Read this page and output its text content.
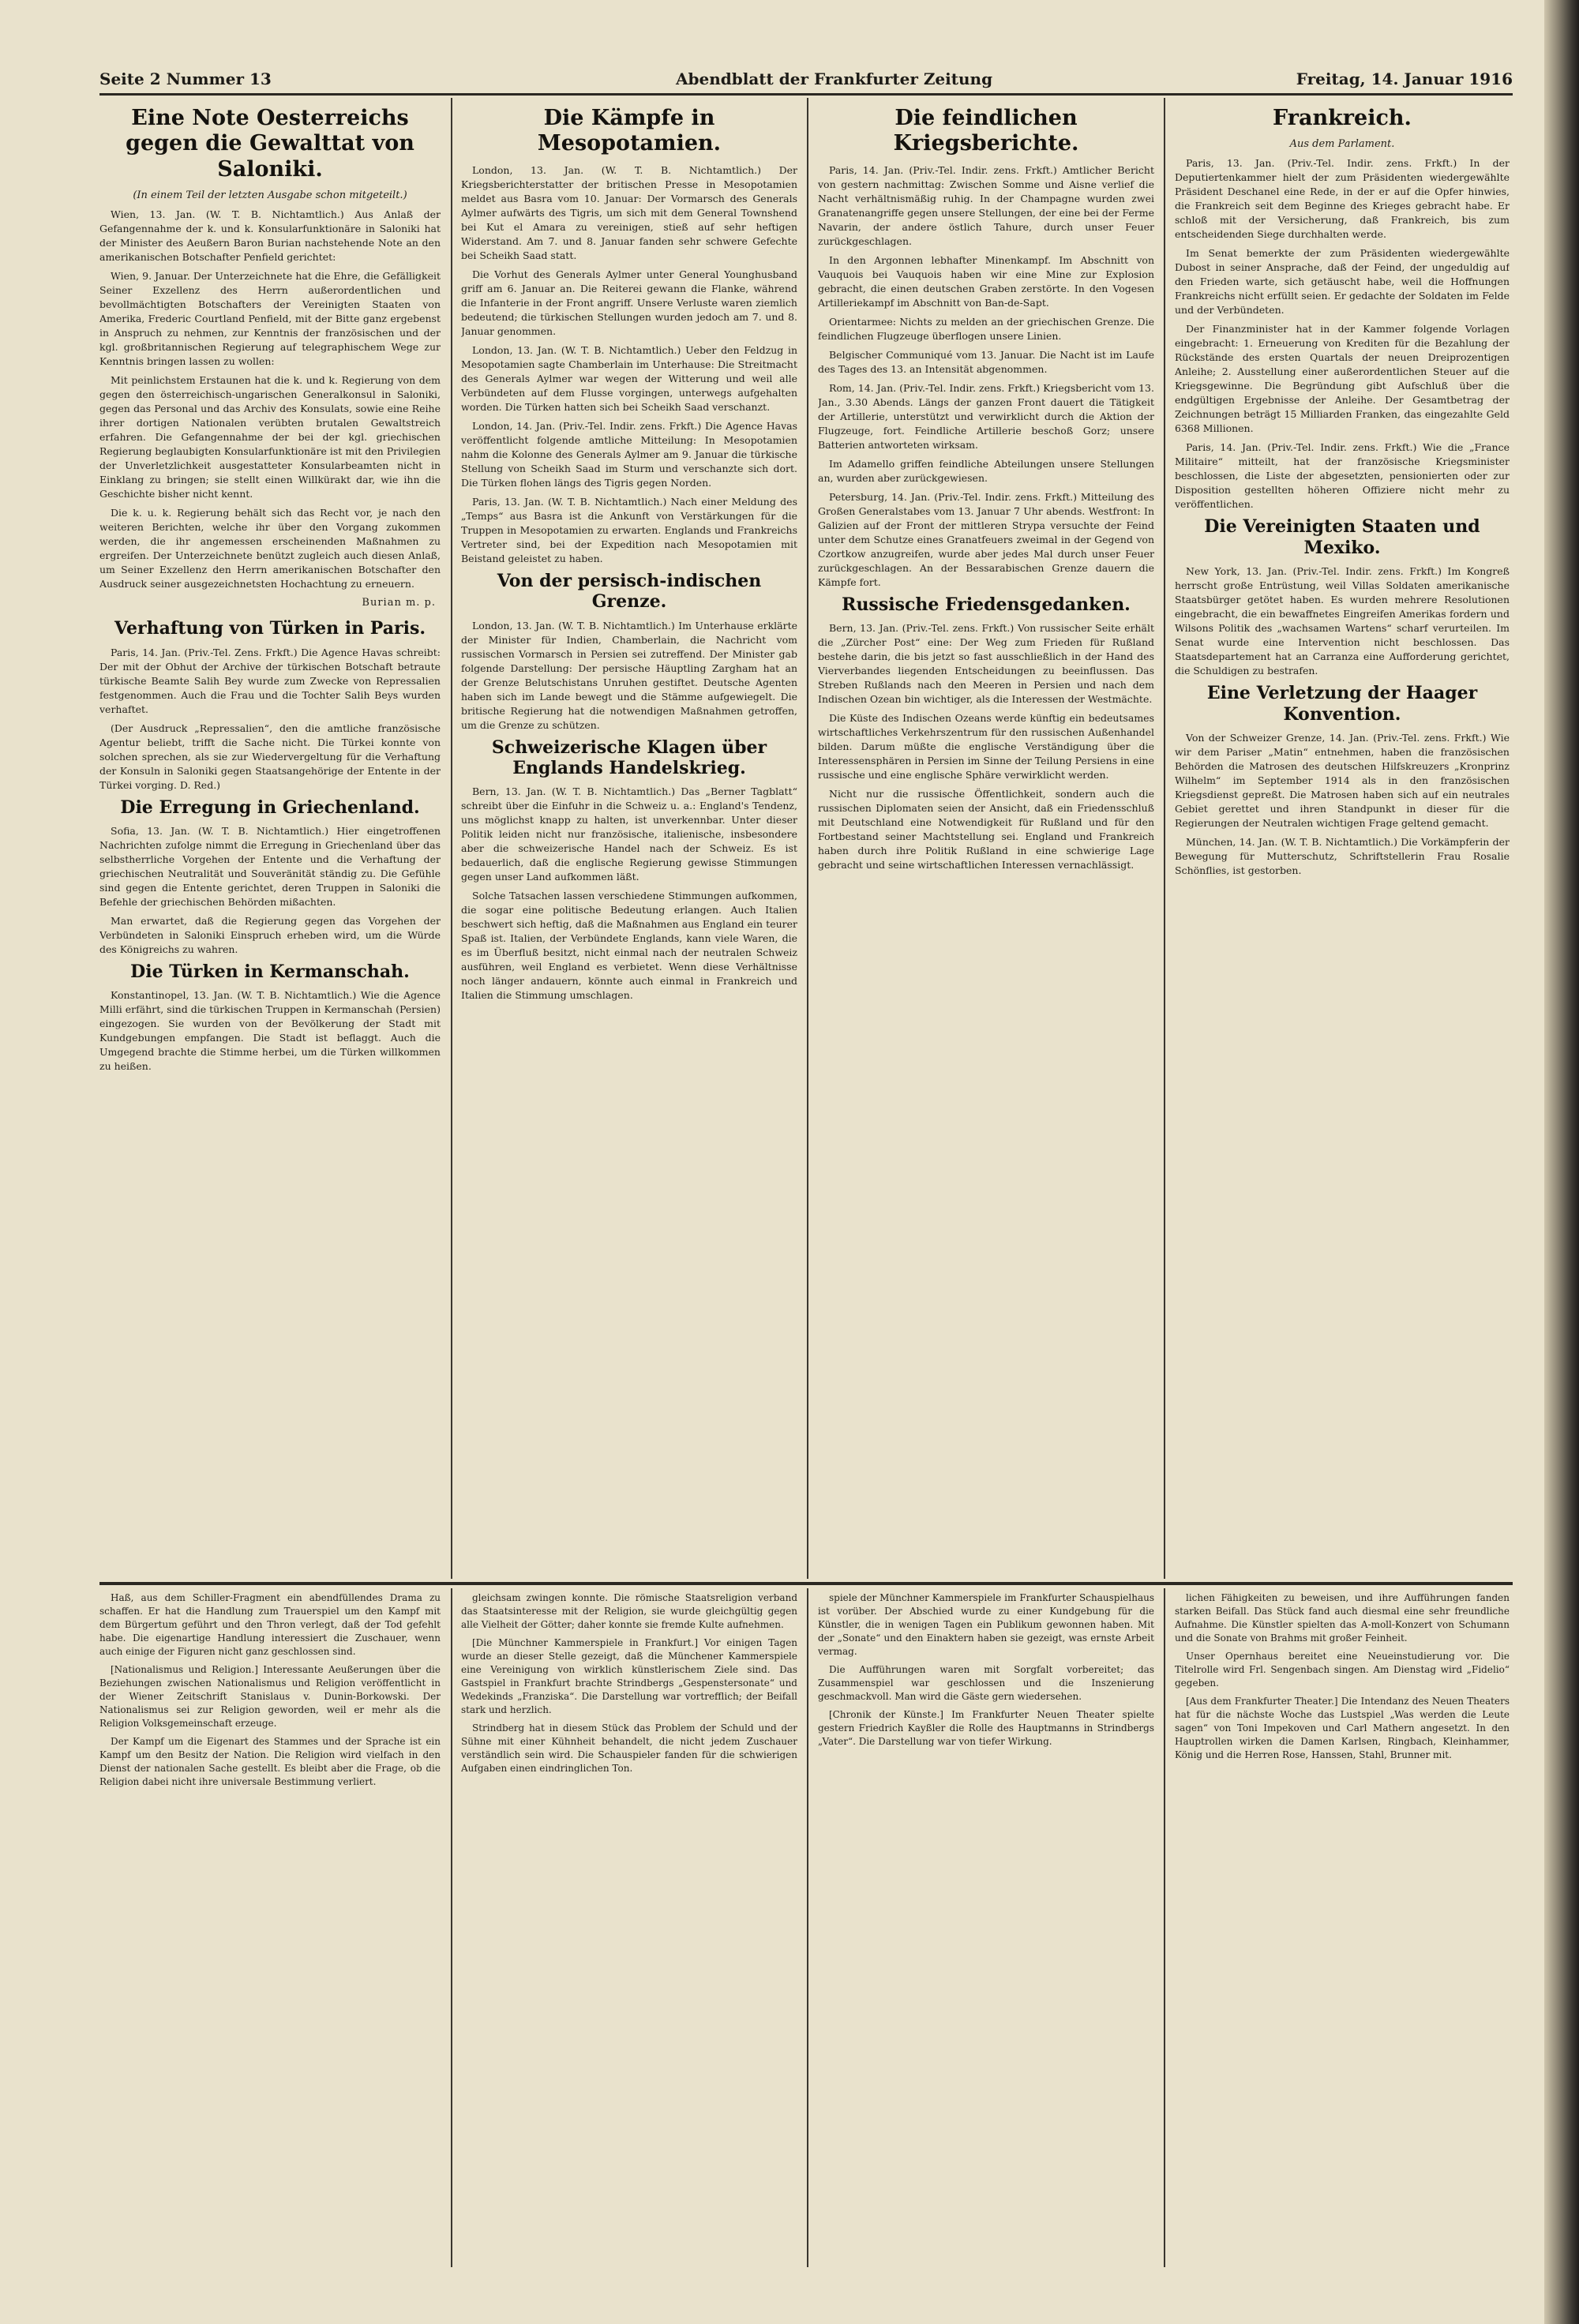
Seite 2 Nummer 13	Abendblatt der Frankfurter Zeitung	Freitag, 14. Januar 1916
Eine Note Oesterreichs gegen die Gewalttat von Saloniki.
(In einem Teil der letzten Ausgabe schon mitgeteilt.)

Wien, 13. Jan. (W. T. B. Nichtamtlich.) Aus Anlaß der Gefangennahme der k. und k. Konsularfunktionäre in Saloniki hat der Minister des Aeußern Baron Burian nachstehende Note an den amerikanischen Botschafter Penfield gerichtet:

Wien, 9. Januar. Der Unterzeichnete hat die Ehre, die Gefälligkeit Seiner Exzellenz des Herrn außerordentlichen und bevollmächtigten Botschafters der Vereinigten Staaten von Amerika, Frederic Courtland Penfield, mit der Bitte ganz ergebenst in Anspruch zu nehmen, zur Kenntnis der französischen und der kgl. großbritannischen Regierung auf telegraphischem Wege zur Kenntnis bringen lassen zu wollen:

Mit peinlichstem Erstaunen hat die k. und k. Regierung von dem gegen den österreichisch-ungarischen Generalkonsul in Saloniki, gegen das Personal und das Archiv des Konsulats, sowie eine Reihe ihrer dortigen Nationalen verübten brutalen Gewaltstreich erfahren. Die Gefangennahme der bei der kgl. griechischen Regierung beglaubigten Konsularfunktionäre ist mit den Privilegien der Unverletzlichkeit ausgestatteter Konsularbeamten nicht in Einklang zu bringen; sie stellt einen Willkürakt dar, wie ihn die Geschichte bisher nicht kennt.

Die k. u. k. Regierung behält sich das Recht vor, je nach den weiteren Berichten, welche ihr über den Vorgang zukommen werden, die ihr angemessen erscheinenden Maßnahmen zu ergreifen. Der Unterzeichnete benützt zugleich auch diesen Anlaß, um Seiner Exzellenz den Herrn amerikanischen Botschafter den Ausdruck seiner ausgezeichnetsten Hochachtung zu erneuern.

Burian m. p.
Verhaftung von Türken in Paris.

Paris, 14. Jan. (Priv.-Tel. Zens. Frkft.) Die Agence Havas schreibt: Der mit der Obhut der Archive der türkischen Botschaft betraute türkische Beamte Salih Bey wurde zum Zwecke von Repressalien festgenommen. Auch die Frau und die Tochter Salih Beys wurden verhaftet.

(Der Ausdruck „Repressalien“, den die amtliche französische Agentur beliebt, trifft die Sache nicht. Die Türkei konnte von solchen sprechen, als sie zur Wiedervergeltung für die Verhaftung der Konsuln in Saloniki gegen Staatsangehörige der Entente in der Türkei vorging. D. Red.)

Die Erregung in Griechenland.

Sofia, 13. Jan. (W. T. B. Nichtamtlich.) Hier eingetroffenen Nachrichten zufolge nimmt die Erregung in Griechenland über das selbstherrliche Vorgehen der Entente und die Verhaftung der griechischen Neutralität und Souveränität ständig zu. Die Gefühle sind gegen die Entente gerichtet, deren Truppen in Saloniki die Befehle der griechischen Behörden mißachten.

Man erwartet, daß die Regierung gegen das Vorgehen der Verbündeten in Saloniki Einspruch erheben wird, um die Würde des Königreichs zu wahren.

Die Türken in Kermanschah.

Konstantinopel, 13. Jan. (W. T. B. Nichtamtlich.) Wie die Agence Milli erfährt, sind die türkischen Truppen in Kermanschah (Persien) eingezogen. Sie wurden von der Bevölkerung der Stadt mit Kundgebungen empfangen. Die Stadt ist beflaggt. Auch die Umgegend brachte die Stimme herbei, um die Türken willkommen zu heißen.

Die Kämpfe in Mesopotamien.

London, 13. Jan. (W. T. B. Nichtamtlich.) Der Kriegsberichterstatter der britischen Presse in Mesopotamien meldet aus Basra vom 10. Januar: Der Vormarsch des Generals Aylmer aufwärts des Tigris, um sich mit dem General Townshend bei Kut el Amara zu vereinigen, stieß auf sehr heftigen Widerstand. Am 7. und 8. Januar fanden sehr schwere Gefechte bei Scheikh Saad statt.

Die Vorhut des Generals Aylmer unter General Younghusband griff am 6. Januar an. Die Reiterei gewann die Flanke, während die Infanterie in der Front angriff. Unsere Verluste waren ziemlich bedeutend; die türkischen Stellungen wurden jedoch am 7. und 8. Januar genommen.

London, 13. Jan. (W. T. B. Nichtamtlich.) Ueber den Feldzug in Mesopotamien sagte Chamberlain im Unterhause: Die Streitmacht des Generals Aylmer war wegen der Witterung und weil alle Verbündeten auf dem Flusse vorgingen, unterwegs aufgehalten worden. Die Türken hatten sich bei Scheikh Saad verschanzt.

London, 14. Jan. (Priv.-Tel. Indir. zens. Frkft.) Die Agence Havas veröffentlicht folgende amtliche Mitteilung: In Mesopotamien nahm die Kolonne des Generals Aylmer am 9. Januar die türkische Stellung von Scheikh Saad im Sturm und verschanzte sich dort. Die Türken flohen längs des Tigris gegen Norden.

Paris, 13. Jan. (W. T. B. Nichtamtlich.) Nach einer Meldung des „Temps“ aus Basra ist die Ankunft von Verstärkungen für die Truppen in Mesopotamien zu erwarten. Englands und Frankreichs Vertreter sind, bei der Expedition nach Mesopotamien mit Beistand geleistet zu haben.

Von der persisch-indischen Grenze.

London, 13. Jan. (W. T. B. Nichtamtlich.) Im Unterhause erklärte der Minister für Indien, Chamberlain, die Nachricht vom russischen Vormarsch in Persien sei zutreffend. Der Minister gab folgende Darstellung: Der persische Häuptling Zargham hat an der Grenze Belutschistans Unruhen gestiftet. Deutsche Agenten haben sich im Lande bewegt und die Stämme aufgewiegelt. Die britische Regierung hat die notwendigen Maßnahmen getroffen, um die Grenze zu schützen.

Schweizerische Klagen über Englands Handelskrieg.

Bern, 13. Jan. (W. T. B. Nichtamtlich.) Das „Berner Tagblatt“ schreibt über die Einfuhr in die Schweiz u. a.: England's Tendenz, uns möglichst knapp zu halten, ist unverkennbar. Unter dieser Politik leiden nicht nur französische, italienische, insbesondere aber die schweizerische Handel nach der Schweiz. Es ist bedauerlich, daß die englische Regierung gewisse Stimmungen gegen unser Land aufkommen läßt.

Solche Tatsachen lassen verschiedene Stimmungen aufkommen, die sogar eine politische Bedeutung erlangen. Auch Italien beschwert sich heftig, daß die Maßnahmen aus England ein teurer Spaß ist. Italien, der Verbündete Englands, kann viele Waren, die es im Überfluß besitzt, nicht einmal nach der neutralen Schweiz ausführen, weil England es verbietet. Wenn diese Verhältnisse noch länger andauern, könnte auch einmal in Frankreich und Italien die Stimmung umschlagen.

Die feindlichen Kriegsberichte.

Paris, 14. Jan. (Priv.-Tel. Indir. zens. Frkft.) Amtlicher Bericht von gestern nachmittag: Zwischen Somme und Aisne verlief die Nacht verhältnismäßig ruhig. In der Champagne wurden zwei Granatenangriffe gegen unsere Stellungen, der eine bei der Ferme Navarin, der andere östlich Tahure, durch unser Feuer zurückgeschlagen.

In den Argonnen lebhafter Minenkampf. Im Abschnitt von Vauquois bei Vauquois haben wir eine Mine zur Explosion gebracht, die einen deutschen Graben zerstörte. In den Vogesen Artilleriekampf im Abschnitt von Ban-de-Sapt.

Orientarmee: Nichts zu melden an der griechischen Grenze. Die feindlichen Flugzeuge überflogen unsere Linien.

Belgischer Communiqué vom 13. Januar. Die Nacht ist im Laufe des Tages des 13. an Intensität abgenommen.

Rom, 14. Jan. (Priv.-Tel. Indir. zens. Frkft.) Kriegsbericht vom 13. Jan., 3.30 Abends. Längs der ganzen Front dauert die Tätigkeit der Artillerie, unterstützt und verwirklicht durch die Aktion der Flugzeuge, fort. Feindliche Artillerie beschoß Gorz; unsere Batterien antworteten wirksam.

Im Adamello griffen feindliche Abteilungen unsere Stellungen an, wurden aber zurückgewiesen.

Petersburg, 14. Jan. (Priv.-Tel. Indir. zens. Frkft.) Mitteilung des Großen Generalstabes vom 13. Januar 7 Uhr abends. Westfront: In Galizien auf der Front der mittleren Strypa versuchte der Feind unter dem Schutze eines Granatfeuers zweimal in der Gegend von Czortkow anzugreifen, wurde aber jedes Mal durch unser Feuer zurückgeschlagen. An der Bessarabischen Grenze dauern die Kämpfe fort.

Russische Friedensgedanken.

Bern, 13. Jan. (Priv.-Tel. zens. Frkft.) Von russischer Seite erhält die „Zürcher Post“ eine: Der Weg zum Frieden für Rußland bestehe darin, die bis jetzt so fast ausschließlich in der Hand des Vierverbandes liegenden Entscheidungen zu beeinflussen. Das Streben Rußlands nach den Meeren in Persien und nach dem Indischen Ozean bin wichtiger, als die Interessen der Westmächte.

Die Küste des Indischen Ozeans werde künftig ein bedeutsames wirtschaftliches Verkehrszentrum für den russischen Außenhandel bilden. Darum müßte die englische Verständigung über die Interessensphären in Persien im Sinne der Teilung Persiens in eine russische und eine englische Sphäre verwirklicht werden.

Nicht nur die russische Öffentlichkeit, sondern auch die russischen Diplomaten seien der Ansicht, daß ein Friedensschluß mit Deutschland eine Notwendigkeit für Rußland und für den Fortbestand seiner Machtstellung sei. England und Frankreich haben durch ihre Politik Rußland in eine schwierige Lage gebracht und seine wirtschaftlichen Interessen vernachlässigt.

Frankreich.
Aus dem Parlament.

Paris, 13. Jan. (Priv.-Tel. Indir. zens. Frkft.) In der Deputiertenkammer hielt der zum Präsidenten wiedergewählte Präsident Deschanel eine Rede, in der er auf die Opfer hinwies, die Frankreich seit dem Beginne des Krieges gebracht habe. Er schloß mit der Versicherung, daß Frankreich, bis zum entscheidenden Siege durchhalten werde.

Im Senat bemerkte der zum Präsidenten wiedergewählte Dubost in seiner Ansprache, daß der Feind, der ungeduldig auf den Frieden warte, sich getäuscht habe, weil die Hoffnungen Frankreichs nicht erfüllt seien. Er gedachte der Soldaten im Felde und der Verbündeten.

Der Finanzminister hat in der Kammer folgende Vorlagen eingebracht: 1. Erneuerung von Krediten für die Bezahlung der Rückstände des ersten Quartals der neuen Dreiprozentigen Anleihe; 2. Ausstellung einer außerordentlichen Steuer auf die Kriegsgewinne. Die Begründung gibt Aufschluß über die endgültigen Ergebnisse der Anleihe. Der Gesamtbetrag der Zeichnungen beträgt 15 Milliarden Franken, das eingezahlte Geld 6368 Millionen.

Paris, 14. Jan. (Priv.-Tel. Indir. zens. Frkft.) Wie die „France Militaire“ mitteilt, hat der französische Kriegsminister beschlossen, die Liste der abgesetzten, pensionierten oder zur Disposition gestellten höheren Offiziere nicht mehr zu veröffentlichen.

Die Vereinigten Staaten und Mexiko.

New York, 13. Jan. (Priv.-Tel. Indir. zens. Frkft.) Im Kongreß herrscht große Entrüstung, weil Villas Soldaten amerikanische Staatsbürger getötet haben. Es wurden mehrere Resolutionen eingebracht, die ein bewaffnetes Eingreifen Amerikas fordern und Wilsons Politik des „wachsamen Wartens“ scharf verurteilen. Im Senat wurde eine Intervention nicht beschlossen. Das Staatsdepartement hat an Carranza eine Aufforderung gerichtet, die Schuldigen zu bestrafen.

Eine Verletzung der Haager Konvention.

Von der Schweizer Grenze, 14. Jan. (Priv.-Tel. zens. Frkft.) Wie wir dem Pariser „Matin“ entnehmen, haben die französischen Behörden die Matrosen des deutschen Hilfskreuzers „Kronprinz Wilhelm“ im September 1914 als in den französischen Kriegsdienst gepreßt. Die Matrosen haben sich auf ein neutrales Gebiet gerettet und ihren Standpunkt in dieser für die Regierungen der Neutralen wichtigen Frage geltend gemacht.

München, 14. Jan. (W. T. B. Nichtamtlich.) Die Vorkämpferin der Bewegung für Mutterschutz, Schriftstellerin Frau Rosalie Schönflies, ist gestorben.

Haß, aus dem Schiller-Fragment ein abendfüllendes Drama zu schaffen. Er hat die Handlung zum Trauerspiel um den Kampf mit dem Bürgertum geführt und den Thron verlegt, daß der Tod gefehlt habe. Die eigenartige Handlung interessiert die Zuschauer, wenn auch einige der Figuren nicht ganz geschlossen sind.

[Nationalismus und Religion.] Interessante Aeußerungen über die Beziehungen zwischen Nationalismus und Religion veröffentlicht in der Wiener Zeitschrift Stanislaus v. Dunin-Borkowski. Der Nationalismus sei zur Religion geworden, weil er mehr als die Religion Volksgemeinschaft erzeuge.

Der Kampf um die Eigenart des Stammes und der Sprache ist ein Kampf um den Besitz der Nation. Die Religion wird vielfach in den Dienst der nationalen Sache gestellt. Es bleibt aber die Frage, ob die Religion dabei nicht ihre universale Bestimmung verliert.

gleichsam zwingen konnte. Die römische Staatsreligion verband das Staatsinteresse mit der Religion, sie wurde gleichgültig gegen alle Vielheit der Götter; daher konnte sie fremde Kulte aufnehmen.

[Die Münchner Kammerspiele in Frankfurt.] Vor einigen Tagen wurde an dieser Stelle gezeigt, daß die Münchener Kammerspiele eine Vereinigung von wirklich künstlerischem Ziele sind. Das Gastspiel in Frankfurt brachte Strindbergs „Gespenstersonate“ und Wedekinds „Franziska“. Die Darstellung war vortrefflich; der Beifall stark und herzlich.

Strindberg hat in diesem Stück das Problem der Schuld und der Sühne mit einer Kühnheit behandelt, die nicht jedem Zuschauer verständlich sein wird. Die Schauspieler fanden für die schwierigen Aufgaben einen eindringlichen Ton.

spiele der Münchner Kammerspiele im Frankfurter Schauspielhaus ist vorüber. Der Abschied wurde zu einer Kundgebung für die Künstler, die in wenigen Tagen ein Publikum gewonnen haben. Mit der „Sonate“ und den Einaktern haben sie gezeigt, was ernste Arbeit vermag.

Die Aufführungen waren mit Sorgfalt vorbereitet; das Zusammenspiel war geschlossen und die Inszenierung geschmackvoll. Man wird die Gäste gern wiedersehen.

[Chronik der Künste.] Im Frankfurter Neuen Theater spielte gestern Friedrich Kayßler die Rolle des Hauptmanns in Strindbergs „Vater“. Die Darstellung war von tiefer Wirkung.

lichen Fähigkeiten zu beweisen, und ihre Aufführungen fanden starken Beifall. Das Stück fand auch diesmal eine sehr freundliche Aufnahme. Die Künstler spielten das A-moll-Konzert von Schumann und die Sonate von Brahms mit großer Feinheit.

Unser Opernhaus bereitet eine Neueinstudierung vor. Die Titelrolle wird Frl. Sengenbach singen. Am Dienstag wird „Fidelio“ gegeben.

[Aus dem Frankfurter Theater.] Die Intendanz des Neuen Theaters hat für die nächste Woche das Lustspiel „Was werden die Leute sagen“ von Toni Impekoven und Carl Mathern angesetzt. In den Hauptrollen wirken die Damen Karlsen, Ringbach, Kleinhammer, König und die Herren Rose, Hanssen, Stahl, Brunner mit.
